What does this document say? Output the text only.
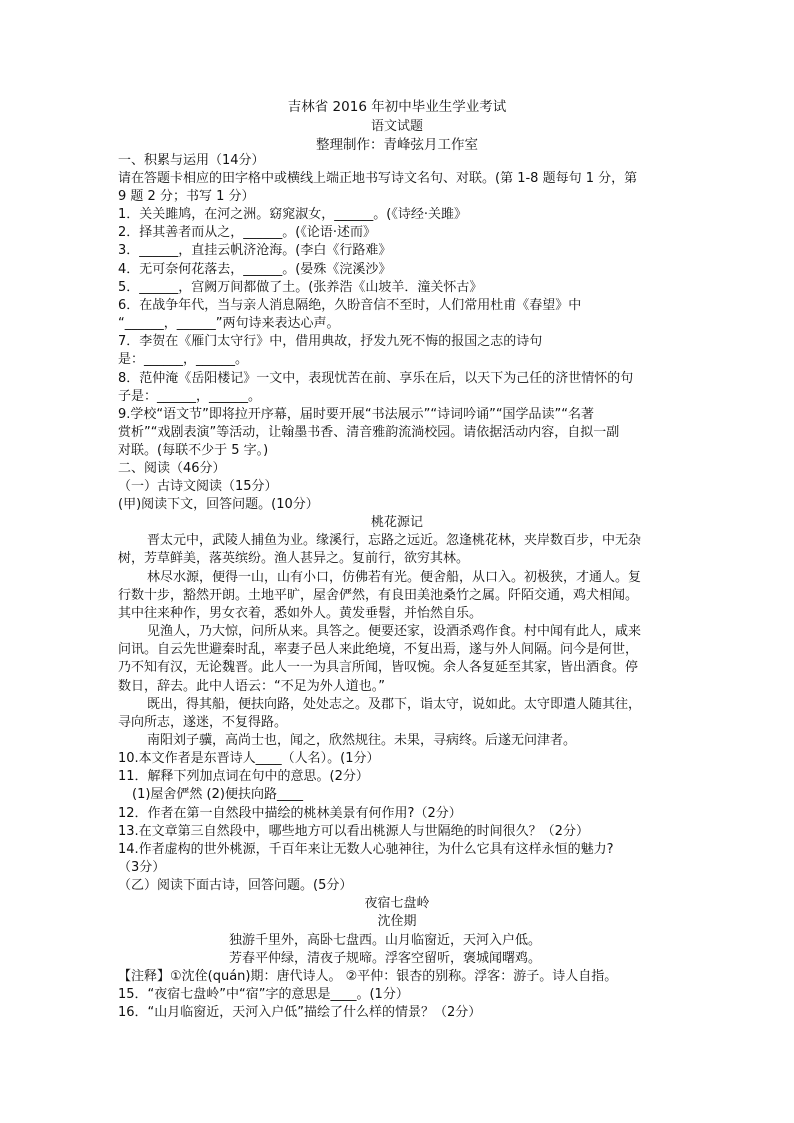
吉林省 2016 年初中毕业生学业考试
语文试题
整理制作：青峰弦月工作室
一、积累与运用（14分）
请在答题卡相应的田字格中或横线上端正地书写诗文名句、对联。(第 1-8 题每句 1 分，第
9 题 2 分；书写 1 分）
1．关关雎鸠，在河之洲。窈窕淑女，______。(《诗经·关雎》
2．择其善者而从之，______。(《论语·述而》
3．______，直挂云帆济沧海。(李白《行路难》
4．无可奈何花落去，______。(晏殊《浣溪沙》
5．______，宫阙万间都做了土。(张养浩《山坡羊．潼关怀古》
6．在战争年代，当与亲人消息隔绝，久盼音信不至时，人们常用杜甫《春望》中
“______，______”两句诗来表达心声。
7．李贺在《雁门太守行》中，借用典故，抒发九死不悔的报国之志的诗句
是：______，______。
8．范仲淹《岳阳楼记》一文中，表现忧苦在前、享乐在后，以天下为己任的济世情怀的句
子是：______，______。
9.学校“语文节”即将拉开序幕，届时要开展“书法展示”“诗词吟诵”“国学品读”“名著
赏析”“戏剧表演”等活动，让翰墨书香、清音雅韵流淌校园。请依据活动内容，自拟一副
对联。(每联不少于 5 字。)
二、阅读（46分）
（一）古诗文阅读（15分）
(甲)阅读下文，回答问题。(10分）
桃花源记
晋太元中，武陵人捕鱼为业。缘溪行，忘路之远近。忽逢桃花林，夹岸数百步，中无杂
树，芳草鲜美，落英缤纷。渔人甚异之。复前行，欲穷其林。
林尽水源，便得一山，山有小口，仿佛若有光。便舍船，从口入。初极狭，才通人。复
行数十步，豁然开朗。土地平旷，屋舍俨然，有良田美池桑竹之属。阡陌交通，鸡犬相闻。
其中往来种作，男女衣着，悉如外人。黄发垂髫，并怡然自乐。
见渔人，乃大惊，问所从来。具答之。便要还家，设酒杀鸡作食。村中闻有此人，咸来
问讯。自云先世避秦时乱，率妻子邑人来此绝境，不复出焉，遂与外人间隔。问今是何世，
乃不知有汉，无论魏晋。此人一一为具言所闻，皆叹惋。余人各复延至其家，皆出酒食。停
数日，辞去。此中人语云：“不足为外人道也。”
既出，得其船，便扶向路，处处志之。及郡下，诣太守，说如此。太守即遣人随其往，
寻向所志，遂迷，不复得路。
南阳刘子骥，高尚士也，闻之，欣然规往。未果，寻病终。后遂无问津者。
10.本文作者是东晋诗人____（人名）。(1分）
11．解释下列加点词在句中的意思。(2分）
(1)屋舍俨然 (2)便扶向路____
12．作者在第一自然段中描绘的桃林美景有何作用?（2分）
13.在文章第三自然段中，哪些地方可以看出桃源人与世隔绝的时间很久？（2分）
14.作者虚构的世外桃源，千百年来让无数人心驰神往，为什么它具有这样永恒的魅力?
（3分）
（乙）阅读下面古诗，回答问题。(5分）
夜宿七盘岭
沈佺期
独游千里外，高卧七盘西。山月临窗近，天河入户低。
芳春平仲绿，清夜子规啼。浮客空留听，褒城闻曙鸡。
【注释】①沈佺(quán)期：唐代诗人。 ②平仲：银杏的别称。浮客：游子。诗人自指。
15．“夜宿七盘岭”中“宿”字的意思是____。(1分）
16．“山月临窗近，天河入户低”描绘了什么样的情景？（2分）
